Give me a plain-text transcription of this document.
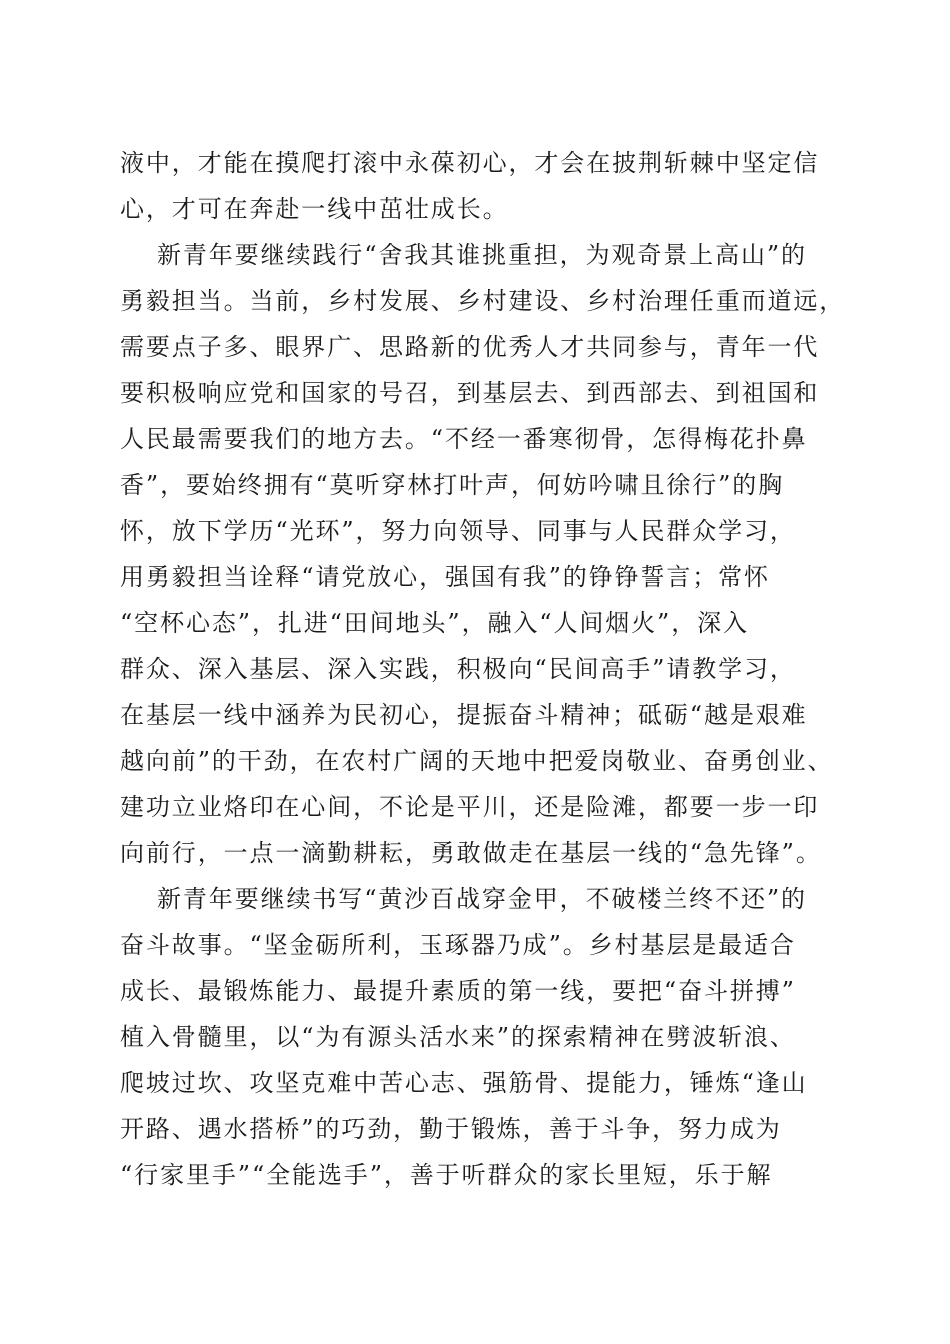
液中，才能在摸爬打滚中永葆初心，才会在披荆斩棘中坚定信

心，才可在奔赴一线中茁壮成长。

新青年要继续践行“舍我其谁挑重担，为观奇景上高山”的

勇毅担当。当前，乡村发展、乡村建设、乡村治理任重而道远，

需要点子多、眼界广、思路新的优秀人才共同参与，青年一代

要积极响应党和国家的号召，到基层去、到西部去、到祖国和

人民最需要我们的地方去。“不经一番寒彻骨，怎得梅花扑鼻

香”，要始终拥有“莫听穿林打叶声，何妨吟啸且徐行”的胸

怀，放下学历“光环”，努力向领导、同事与人民群众学习，

用勇毅担当诠释“请党放心，强国有我”的铮铮誓言；常怀

“空杯心态”，扎进“田间地头”，融入“人间烟火”，深入

群众、深入基层、深入实践，积极向“民间高手”请教学习，

在基层一线中涵养为民初心，提振奋斗精神；砥砺“越是艰难

越向前”的干劲，在农村广阔的天地中把爱岗敬业、奋勇创业、

建功立业烙印在心间，不论是平川，还是险滩，都要一步一印

向前行，一点一滴勤耕耘，勇敢做走在基层一线的“急先锋”。

新青年要继续书写“黄沙百战穿金甲，不破楼兰终不还”的

奋斗故事。“坚金砺所利，玉琢器乃成”。乡村基层是最适合

成长、最锻炼能力、最提升素质的第一线，要把“奋斗拼搏”

植入骨髓里，以“为有源头活水来”的探索精神在劈波斩浪、

爬坡过坎、攻坚克难中苦心志、强筋骨、提能力，锤炼“逢山

开路、遇水搭桥”的巧劲，勤于锻炼，善于斗争，努力成为

“行家里手”“全能选手”，善于听群众的家长里短，乐于解
